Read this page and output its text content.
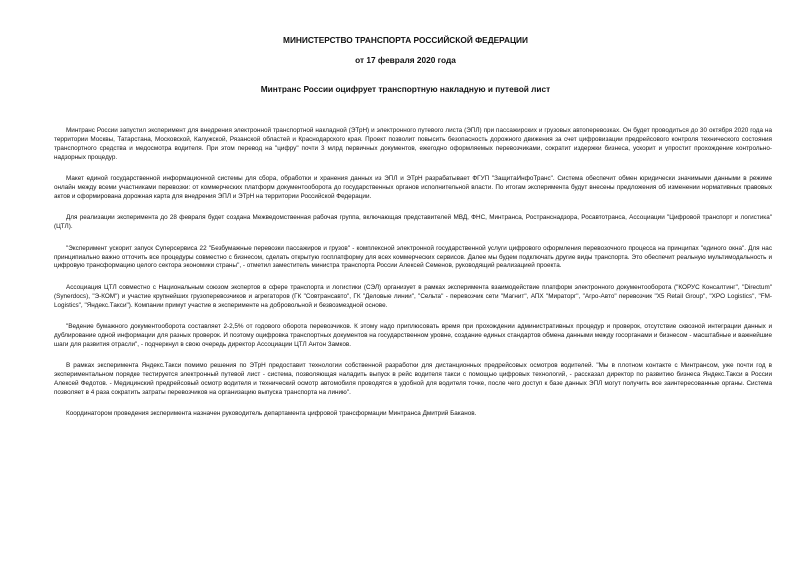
МИНИСТЕРСТВО ТРАНСПОРТА РОССИЙСКОЙ ФЕДЕРАЦИИ
от 17 февраля 2020 года
Минтранс России оцифрует транспортную накладную и путевой лист

Минтранс России запустил эксперимент для внедрения электронной транспортной накладной (ЭТрН) и электронного путевого листа (ЭПЛ) при пассажирских и грузовых автоперевозках. Он будет проводиться до 30 октября 2020 года на территории Москвы, Татарстана, Московской, Калужской, Рязанской областей и Краснодарского края. Проект позволит повысить безопасность дорожного движения за счет цифровизации предрейсового контроля технического состояния транспортного средства и медосмотра водителя. При этом перевод на "цифру" почти 3 млрд первичных документов, ежегодно оформляемых перевозчиками, сократит издержки бизнеса, ускорит и упростит прохождение контрольно-надзорных процедур.

Макет единой государственной информационной системы для сбора, обработки и хранения данных из ЭПЛ и ЭТрН разрабатывает ФГУП "ЗащитаИнфоТранс". Система обеспечит обмен юридически значимыми данными в режиме онлайн между всеми участниками перевозки: от коммерческих платформ документооборота до государственных органов исполнительной власти. По итогам эксперимента будут внесены предложения об изменении нормативных правовых актов и сформирована дорожная карта для внедрения ЭПЛ и ЭТрН на территории Российской Федерации.

Для реализации эксперимента до 28 февраля будет создана Межведомственная рабочая группа, включающая представителей МВД, ФНС, Минтранса, Ространснадзора, Росавтотранса, Ассоциации "Цифровой транспорт и логистика" (ЦТЛ).

"Эксперимент ускорит запуск Суперсервиса 22 "Безбумажные перевозки пассажиров и грузов" - комплексной электронной государственной услуги цифрового оформления перевозочного процесса на принципах "единого окна". Для нас принципиально важно отточить все процедуры совместно с бизнесом, сделать открытую госплатформу для всех коммерческих сервисов. Далее мы будем подключать другие виды транспорта. Это обеспечит реальную мультимодальность и цифровую трансформацию целого сектора экономики страны", - отметил заместитель министра транспорта России Алексей Семенов, руководящий реализацией проекта.

Ассоциация ЦТЛ совместно с Национальным союзом экспертов в сфере транспорта и логистики (СЭЛ) организует в рамках эксперимента взаимодействие платформ электронного документооборота ("КОРУС Консалтинг", "Directum" (Synerdocs), "Э-КОМ") и участие крупнейших грузоперевозчиков и агрегаторов (ГК "Совтрансавто", ГК "Деловые линии", "Сельта" - перевозчик сети "Магнит", АПХ "Мираторг", "Агро-Авто" перевозчик "X5 Retail Group", "XPO Logistics", "FM-Logistics", "Яндекс.Такси"). Компании примут участие в эксперименте на добровольной и безвозмездной основе.

"Ведение бумажного документооборота составляет 2-2,5% от годового оборота перевозчиков. К этому надо приплюсовать время при прохождении административных процедур и проверок, отсутствие сквозной интеграции данных и дублирование одной информации для разных проверок. И поэтому оцифровка транспортных документов на государственном уровне, создание единых стандартов обмена данными между госорганами и бизнесом - масштабные и важнейшие шаги для развития отрасли", - подчеркнул в свою очередь директор Ассоциации ЦТЛ Антон Замков.

В рамках эксперимента Яндекс.Такси помимо решения по ЭТрН предоставит технологии собственной разработки для дистанционных предрейсовых осмотров водителей. "Мы в плотном контакте с Минтрансом, уже почти год в экспериментальном порядке тестируется электронный путевой лист - система, позволяющая наладить выпуск в рейс водителя такси с помощью цифровых технологий, - рассказал директор по развитию бизнеса Яндекс.Такси в России Алексей Федотов. - Медицинский предрейсовый осмотр водителя и технический осмотр автомобиля проводятся в удобной для водителя точке, после чего доступ к базе данных ЭПЛ могут получить все заинтересованные органы. Система позволяет в 4 раза сократить затраты перевозчиков на организацию выпуска транспорта на линию".

Координатором проведения эксперимента назначен руководитель департамента цифровой трансформации Минтранса Дмитрий Баканов.
